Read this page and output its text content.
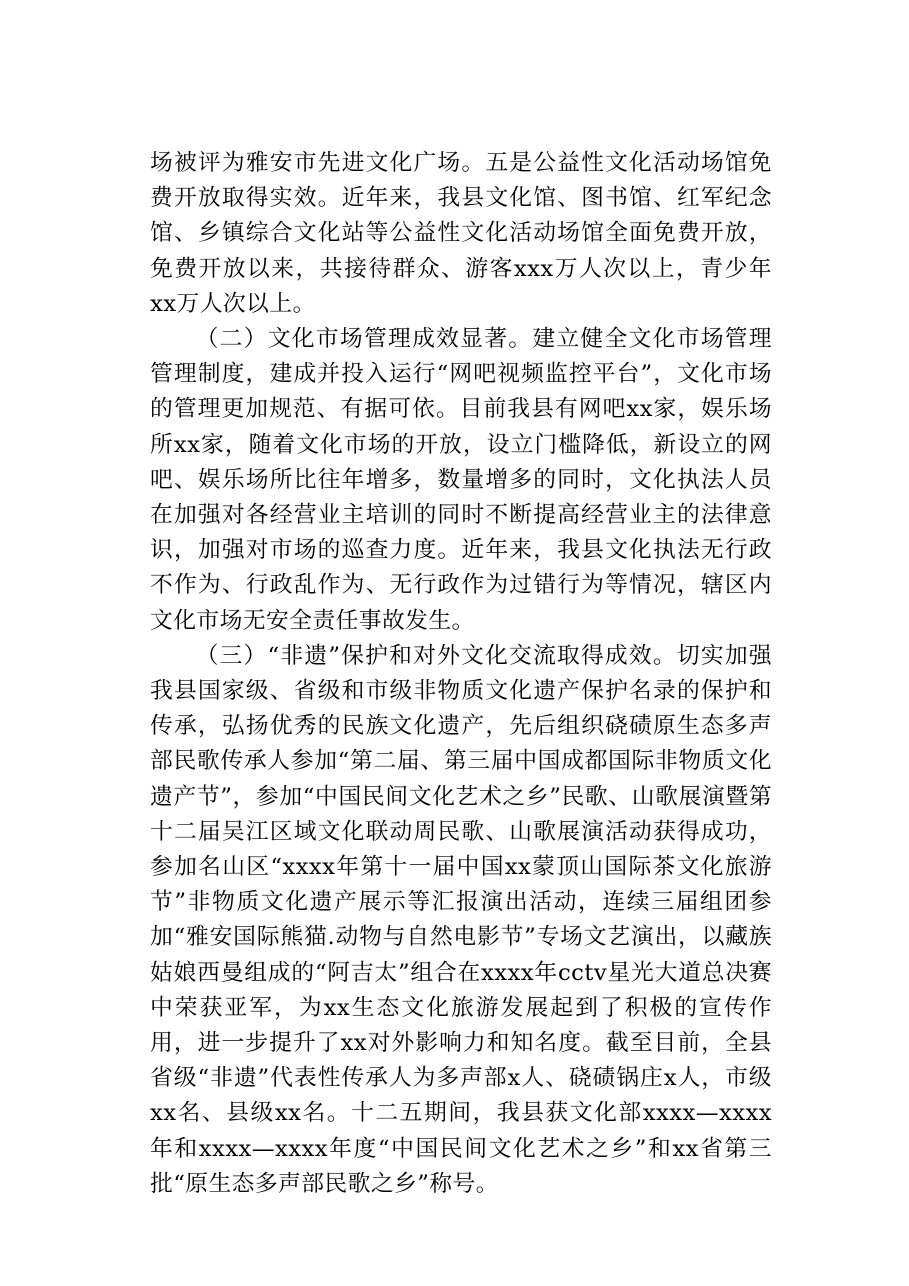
场被评为雅安市先进文化广场。五是公益性文化活动场馆免费开放取得实效。近年来，我县文化馆、图书馆、红军纪念馆、乡镇综合文化站等公益性文化活动场馆全面免费开放，免费开放以来，共接待群众、游客xxx万人次以上，青少年xx万人次以上。

（二）文化市场管理成效显著。建立健全文化市场管理管理制度，建成并投入运行“网吧视频监控平台”，文化市场的管理更加规范、有据可依。目前我县有网吧xx家，娱乐场所xx家，随着文化市场的开放，设立门槛降低，新设立的网吧、娱乐场所比往年增多，数量增多的同时，文化执法人员在加强对各经营业主培训的同时不断提高经营业主的法律意识，加强对市场的巡查力度。近年来，我县文化执法无行政不作为、行政乱作为、无行政作为过错行为等情况，辖区内文化市场无安全责任事故发生。

（三）“非遗”保护和对外文化交流取得成效。切实加强我县国家级、省级和市级非物质文化遗产保护名录的保护和传承，弘扬优秀的民族文化遗产，先后组织硗碛原生态多声部民歌传承人参加“第二届、第三届中国成都国际非物质文化遗产节”，参加“中国民间文化艺术之乡”民歌、山歌展演暨第十二届吴江区域文化联动周民歌、山歌展演活动获得成功，参加名山区“xxxx年第十一届中国xx蒙顶山国际茶文化旅游节”非物质文化遗产展示等汇报演出活动，连续三届组团参加“雅安国际熊猫.动物与自然电影节”专场文艺演出，以藏族姑娘西曼组成的“阿吉太”组合在xxxx年cctv星光大道总决赛中荣获亚军，为xx生态文化旅游发展起到了积极的宣传作用，进一步提升了xx对外影响力和知名度。截至目前，全县省级“非遗”代表性传承人为多声部x人、硗碛锅庄x人，市级xx名、县级xx名。十二五期间，我县获文化部xxxx—xxxx年和xxxx—xxxx年度“中国民间文化艺术之乡”和xx省第三批“原生态多声部民歌之乡”称号。
